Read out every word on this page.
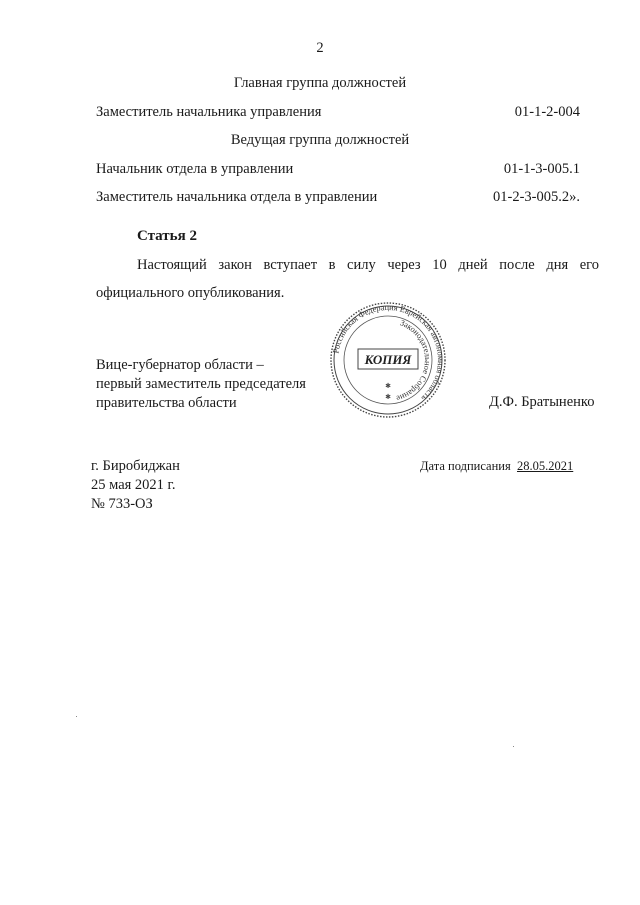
2
Главная группа должностей
Заместитель начальника управления	01-1-2-004
Ведущая группа должностей
Начальник отдела в управлении	01-1-3-005.1
Заместитель начальника отдела в управлении	01-2-3-005.2».
Статья 2
Настоящий закон вступает в силу через 10 дней после дня его официального опубликования.
Российская Федерация Еврейская автономная область
Законодательное Собрание
КОПИЯ
✱
✱
Вице-губернатор области –
первый заместитель председателя
правительства области	Д.Ф. Братыненко
г. Биробиджан
25 мая 2021 г.
№ 733-ОЗ
Дата подписания 28.05.2021
